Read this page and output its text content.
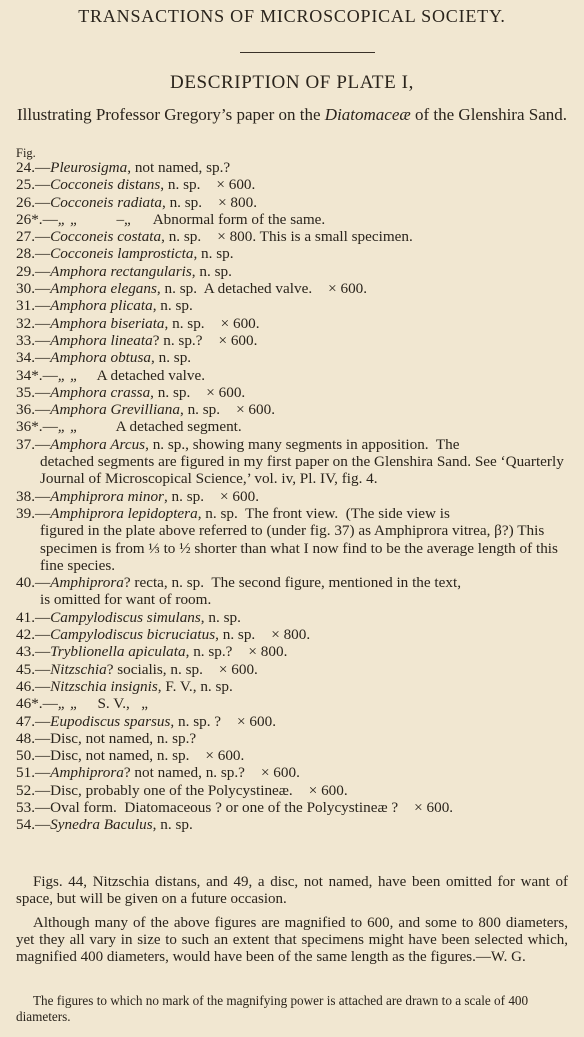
TRANSACTIONS OF MICROSCOPICAL SOCIETY.
DESCRIPTION OF PLATE I,
Illustrating Professor Gregory’s paper on the Diatomaceæ of the Glenshira Sand.
Fig.
24.—Pleurosigma, not named, sp.?
25.—Cocconeis distans, n. sp. × 600.
26.—Cocconeis radiata, n. sp. × 800.
26*.—„ „          –„      Abnormal form of the same.
27.—Cocconeis costata, n. sp. × 800. This is a small specimen.
28.—Cocconeis lamprosticta, n. sp.
29.—Amphora rectangularis, n. sp.
30.—Amphora elegans, n. sp.  A detached valve. × 600.
31.—Amphora plicata, n. sp.
32.—Amphora biseriata, n. sp. × 600.
33.—Amphora lineata? n. sp.? × 600.
34.—Amphora obtusa, n. sp.
34*.—„ „     A detached valve.
35.—Amphora crassa, n. sp. × 600.
36.—Amphora Grevilliana, n. sp. × 600.
36*.—„ „          A detached segment.
37.—Amphora Arcus, n. sp., showing many segments in apposition.  The
detached segments are figured in my first paper on the Glenshira Sand. See ‘Quarterly Journal of Microscopical Science,’ vol. iv, Pl. IV, fig. 4.
38.—Amphiprora minor, n. sp. × 600.
39.—Amphiprora lepidoptera, n. sp.  The front view.  (The side view is
figured in the plate above referred to (under fig. 37) as Amphiprora vitrea, β?) This specimen is from ⅓ to ½ shorter than what I now find to be the average length of this fine species.
40.—Amphiprora? recta, n. sp.  The second figure, mentioned in the text,
is omitted for want of room.
41.—Campylodiscus simulans, n. sp.
42.—Campylodiscus bicruciatus, n. sp. × 800.
43.—Tryblionella apiculata, n. sp.? × 800.
45.—Nitzschia? socialis, n. sp. × 600.
46.—Nitzschia insignis, F. V., n. sp.
46*.—„ „     S. V.,   „
47.—Eupodiscus sparsus, n. sp. ? × 600.
48.—Disc, not named, n. sp.?
50.—Disc, not named, n. sp. × 600.
51.—Amphiprora? not named, n. sp.? × 600.
52.—Disc, probably one of the Polycystineæ. × 600.
53.—Oval form.  Diatomaceous ? or one of the Polycystineæ ? × 600.
54.—Synedra Baculus, n. sp.

Figs. 44, Nitzschia distans, and 49, a disc, not named, have been omitted for want of space, but will be given on a future occasion.

Although many of the above figures are magnified to 600, and some to 800 diameters, yet they all vary in size to such an extent that specimens might have been selected which, magnified 400 diameters, would have been of the same length as the figures.—W. G.

The figures to which no mark of the magnifying power is attached are drawn to a scale of 400 diameters.
